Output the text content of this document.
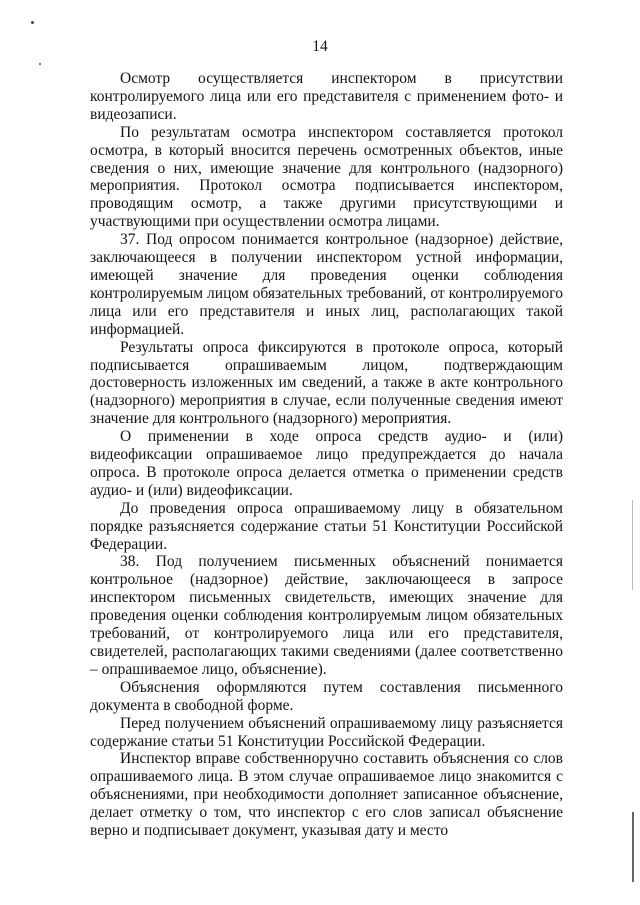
14

Осмотр осуществляется инспектором в присутствии контролируемого лица или его представителя с применением фото- и видеозаписи.

По результатам осмотра инспектором составляется протокол осмотра, в который вносится перечень осмотренных объектов, иные сведения о них, имеющие значение для контрольного (надзорного) мероприятия. Протокол осмотра подписывается инспектором, проводящим осмотр, а также другими присутствующими и участвующими при осуществлении осмотра лицами.

37. Под опросом понимается контрольное (надзорное) действие, заключающееся в получении инспектором устной информации, имеющей значение для проведения оценки соблюдения контролируемым лицом обязательных требований, от контролируемого лица или его представителя и иных лиц, располагающих такой информацией.

Результаты опроса фиксируются в протоколе опроса, который подписывается опрашиваемым лицом, подтверждающим достоверность изложенных им сведений, а также в акте контрольного (надзорного) мероприятия в случае, если полученные сведения имеют значение для контрольного (надзорного) мероприятия.

О применении в ходе опроса средств аудио- и (или) видеофиксации опрашиваемое лицо предупреждается до начала опроса. В протоколе опроса делается отметка о применении средств аудио- и (или) видеофиксации.

До проведения опроса опрашиваемому лицу в обязательном порядке разъясняется содержание статьи 51 Конституции Российской Федерации.

38. Под получением письменных объяснений понимается контрольное (надзорное) действие, заключающееся в запросе инспектором письменных свидетельств, имеющих значение для проведения оценки соблюдения контролируемым лицом обязательных требований, от контролируемого лица или его представителя, свидетелей, располагающих такими сведениями (далее соответственно – опрашиваемое лицо, объяснение).

Объяснения оформляются путем составления письменного документа в свободной форме.

Перед получением объяснений опрашиваемому лицу разъясняется содержание статьи 51 Конституции Российской Федерации.

Инспектор вправе собственноручно составить объяснения со слов опрашиваемого лица. В этом случае опрашиваемое лицо знакомится с объяснениями, при необходимости дополняет записанное объяснение, делает отметку о том, что инспектор с его слов записал объяснение верно и подписывает документ, указывая дату и место
